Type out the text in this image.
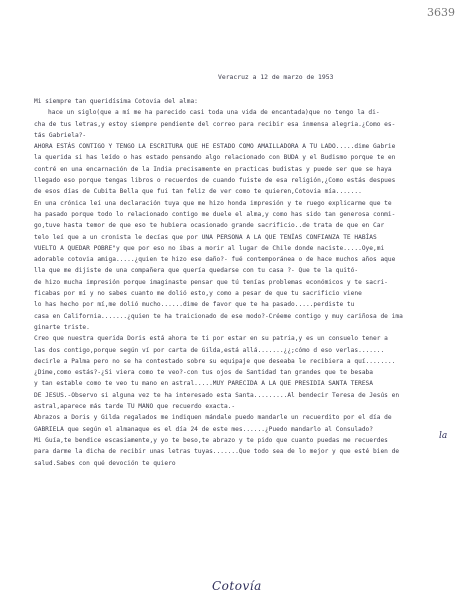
3639
Veracruz a 12 de marzo de 1953
Mi siempre tan queridísima Cotovia del alma:
hace un siglo(que a mí me ha parecido casi toda una vida de encantada)que no tengo la di-
cha de tus letras,y estoy siempre pendiente del correo para recibir esa inmensa alegria.¿Como es-
tás Gabriela?-
AHORA ESTÁS CONTIGO Y TENGO LA ESCRITURA QUE HE ESTADO COMO AMAILLADORA A TU LADO.....dime Gabrie
la querida si has leído o has estado pensando algo relacionado con BUDA y el Budismo porque te en
contré en una encarnación de la India precisamente en practicas budistas y puede ser que se haya
llegado eso porque tengas libros o recuerdos de cuando fuiste de esa religión,¿Como estás despues
de esos días de Cubita Bella que fui tan feliz de ver como te quieren,Cotovia mía.......
En una crónica leí una declaración tuya que me hizo honda impresión y te ruego explicarme que te
ha pasado porque todo lo relacionado contigo me duele el alma,y como has sido tan generosa conmi-
go,tuve hasta temor de que eso te hubiera ocasionado grande sacrificio..de trata de que en Car
telo leí que a un cronista le decías que por UNA PERSONA A LA QUE TENÍAS CONFIANZA TE HABÍAS
VUELTO A QUEDAR POBRE"y que por eso no ibas a morir al lugar de Chile donde naciste.....Oye,mi
adorable cotovia amiga.....¿quien te hizo ese daño?- fué contemporánea o de hace muchos años aque
lla que me dijiste de una compañera que quería quedarse con tu casa ?- Que te la quitó-
de hizo mucha impresión porque imaginaste pensar que tú tenías problemas económicos y te sacri-
ficabas por mí y no sabes cuanto me dolió esto,y como a pesar de que tu sacrificio viene
lo has hecho por mí,me dolió mucho......dime de favor que te ha pasado.....perdiste tu
casa en California.......¿quien te ha traicionado de ese modo?-Créeme contigo y muy cariñosa de ima
ginarte triste.
Creo que nuestra querida Doris está ahora te ti por estar en su patria,y es un consuelo tener a
las dos contigo,porque según ví por carta de Gilda,está allá.......¿¿;cómo d eso verlas.......
decirle a Palma pero no se ha contestado sobre su equipaje que deseaba le recibiera a quí........
¿Dime,como estás?-¿Si viera como te veo?-con tus ojos de Santidad tan grandes que te besaba
y tan estable como te veo tu mano en astral.....MUY PARECIDA A LA QUE PRESIDIA SANTA TERESA
DE JESUS.-Observo si alguna vez te ha interesado esta Santa.........Al bendecir Teresa de Jesús en
astral,aparece más tarde TU MANO que recuerdo exacta.-
Abrazos a Doris y Gilda regalados me indiquen mándale puedo mandarle un recuerdito por el día de
GABRIELA que según el almanaque es el día 24 de este mes......¿Puedo mandarlo al Consulado?
Mi Guía,te bendice escasiamente,y yo te beso,te abrazo y te pido que cuanto puedas me recuerdes
para darme la dicha de recibir unas letras tuyas.......Que todo sea de lo mejor y que esté bien de
salud.Sabes con qué devoción te quiero
la
Cotovía
